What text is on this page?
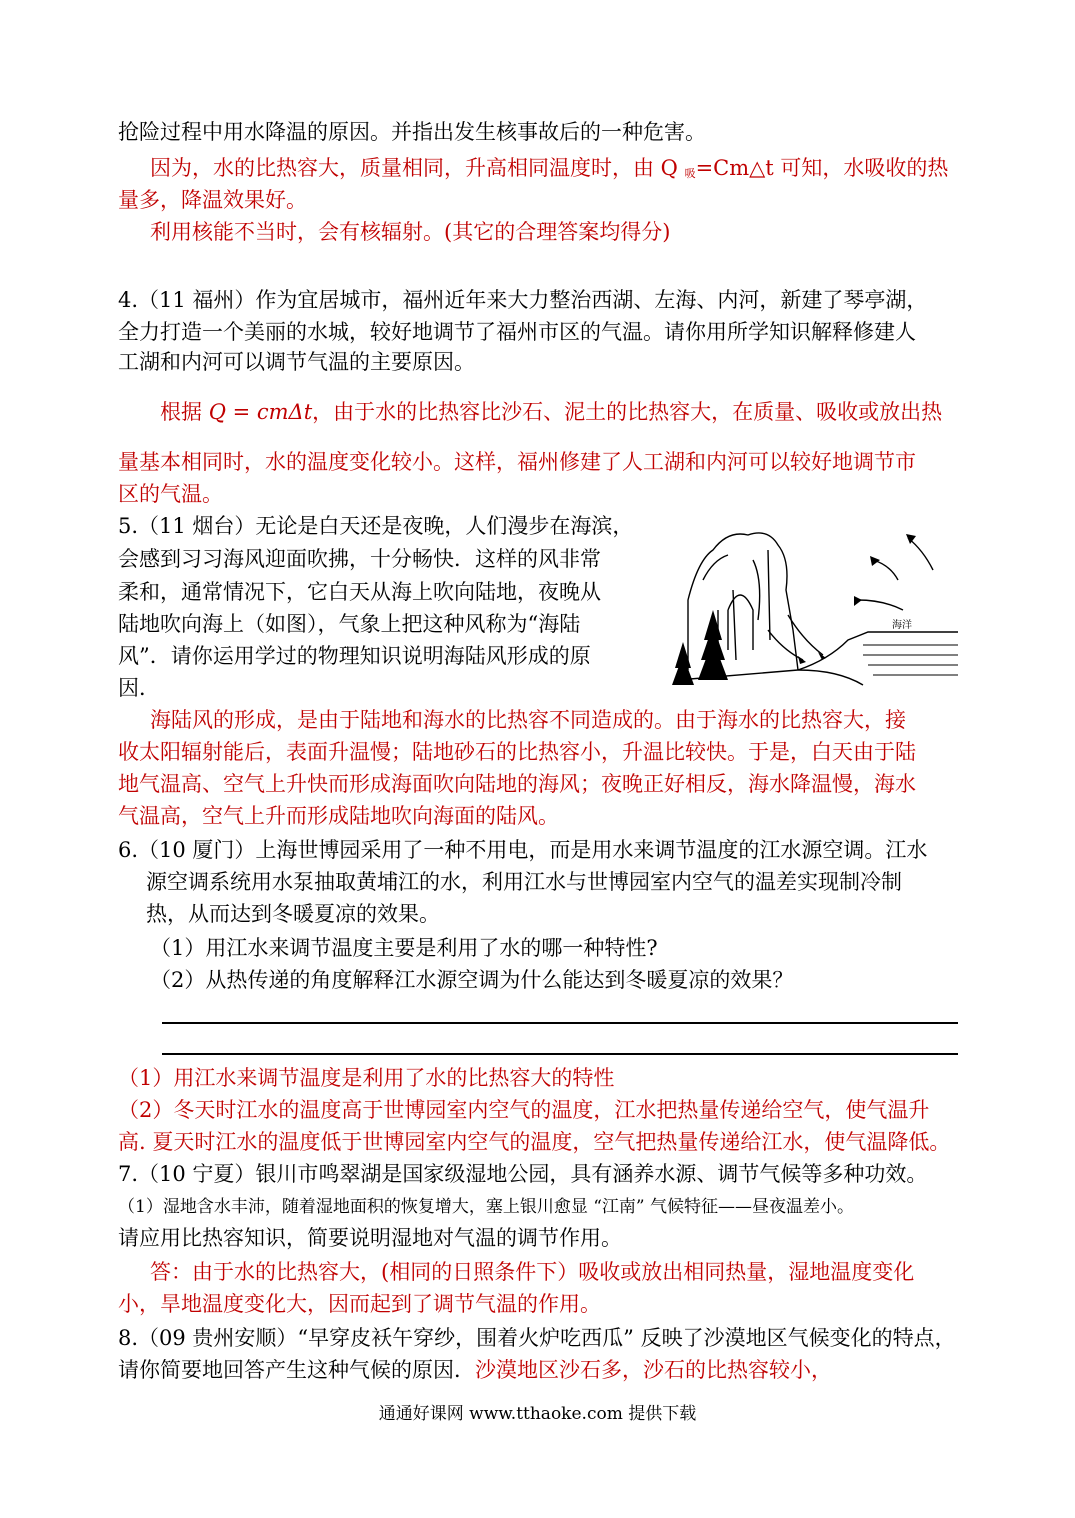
抢险过程中用水降温的原因。并指出发生核事故后的一种危害。
因为，水的比热容大，质量相同，升高相同温度时，由 Q $_吸$=Cm△t 可知，水吸收的热
量多，降温效果好。
利用核能不当时，会有核辐射。(其它的合理答案均得分)
4.（11 福州）作为宜居城市，福州近年来大力整治西湖、左海、内河，新建了琴亭湖，
全力打造一个美丽的水城，较好地调节了福州市区的气温。请你用所学知识解释修建人
工湖和内河可以调节气温的主要原因。
根据 Q = cmΔt，由于水的比热容比沙石、泥土的比热容大，在质量、吸收或放出热
量基本相同时，水的温度变化较小。这样，福州修建了人工湖和内河可以较好地调节市
区的气温。
5.（11 烟台）无论是白天还是夜晚，人们漫步在海滨，
会感到习习海风迎面吹拂，十分畅快．这样的风非常
柔和，通常情况下，它白天从海上吹向陆地，夜晚从
陆地吹向海上（如图），气象上把这种风称为“海陆
风”．请你运用学过的物理知识说明海陆风形成的原
因．
海洋
海陆风的形成，是由于陆地和海水的比热容不同造成的。由于海水的比热容大，接
收太阳辐射能后，表面升温慢；陆地砂石的比热容小，升温比较快。于是，白天由于陆
地气温高、空气上升快而形成海面吹向陆地的海风；夜晚正好相反，海水降温慢，海水
气温高，空气上升而形成陆地吹向海面的陆风。
6.（10 厦门）上海世博园采用了一种不用电，而是用水来调节温度的江水源空调。江水
源空调系统用水泵抽取黄埔江的水，利用江水与世博园室内空气的温差实现制冷制
热，从而达到冬暖夏凉的效果。
（1）用江水来调节温度主要是利用了水的哪一种特性?
（2）从热传递的角度解释江水源空调为什么能达到冬暖夏凉的效果？
（1）用江水来调节温度是利用了水的比热容大的特性
（2）冬天时江水的温度高于世博园室内空气的温度，江水把热量传递给空气，使气温升
高. 夏天时江水的温度低于世博园室内空气的温度，空气把热量传递给江水，使气温降低。
7.（10 宁夏）银川市鸣翠湖是国家级湿地公园，具有涵养水源、调节气候等多种功效。
（1）湿地含水丰沛，随着湿地面积的恢复增大，塞上银川愈显 “江南” 气候特征——昼夜温差小。
请应用比热容知识，简要说明湿地对气温的调节作用。
答：由于水的比热容大，(相同的日照条件下）吸收或放出相同热量，湿地温度变化
小，旱地温度变化大，因而起到了调节气温的作用。
8.（09 贵州安顺）“早穿皮袄午穿纱，围着火炉吃西瓜” 反映了沙漠地区气候变化的特点，
请你简要地回答产生这种气候的原因．沙漠地区沙石多，沙石的比热容较小，
通通好课网 www.tthaoke.com 提供下载
